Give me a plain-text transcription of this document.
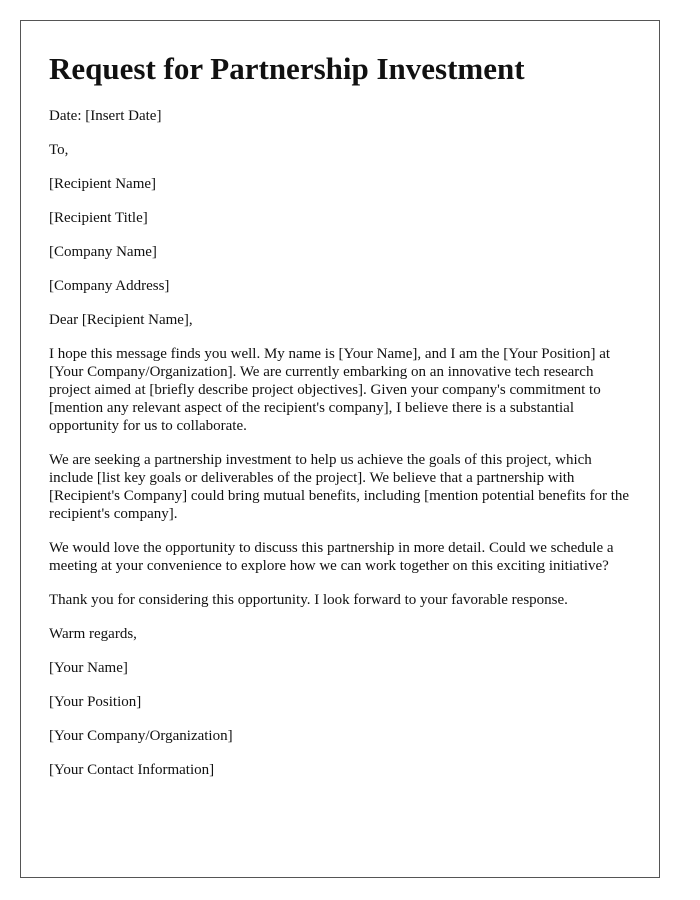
Request for Partnership Investment

Date: [Insert Date]

To,

[Recipient Name]

[Recipient Title]

[Company Name]

[Company Address]

Dear [Recipient Name],

I hope this message finds you well. My name is [Your Name], and I am the [Your Position] at [Your Company/Organization]. We are currently embarking on an innovative tech research project aimed at [briefly describe project objectives]. Given your company's commitment to [mention any relevant aspect of the recipient's company], I believe there is a substantial opportunity for us to collaborate.

We are seeking a partnership investment to help us achieve the goals of this project, which include [list key goals or deliverables of the project]. We believe that a partnership with [Recipient's Company] could bring mutual benefits, including [mention potential benefits for the recipient's company].

We would love the opportunity to discuss this partnership in more detail. Could we schedule a meeting at your convenience to explore how we can work together on this exciting initiative?

Thank you for considering this opportunity. I look forward to your favorable response.

Warm regards,

[Your Name]

[Your Position]

[Your Company/Organization]

[Your Contact Information]
